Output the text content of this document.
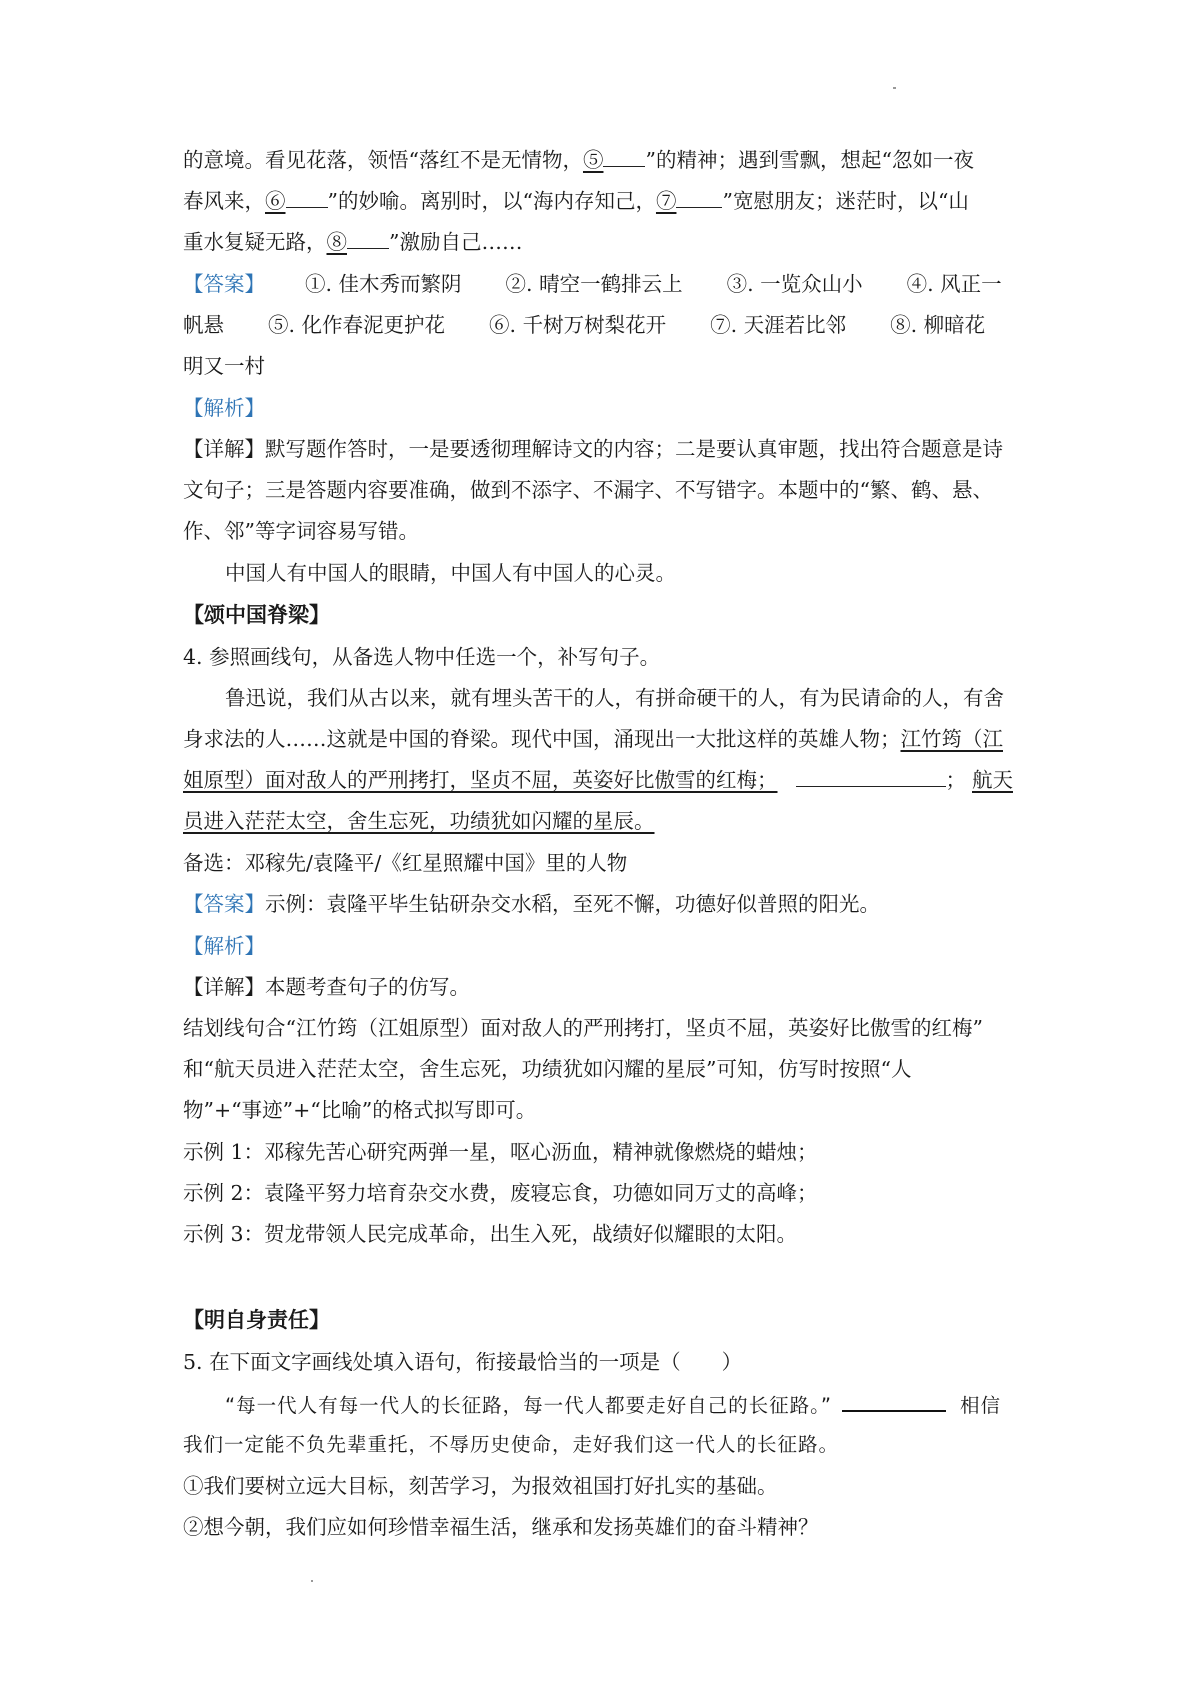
的意境。看见花落，领悟“落红不是无情物，⑤ ”的精神；遇到雪飘，想起“忽如一夜
春风来，⑥ ”的妙喻。离别时，以“海内存知己，⑦ ”宽慰朋友；迷茫时，以“山
重水复疑无路，⑧ ”激励自己……
【答案】 ①. 佳木秀而繁阴 ②. 晴空一鹤排云上 ③. 一览众山小 ④. 风正一
帆悬 ⑤. 化作春泥更护花 ⑥. 千树万树梨花开 ⑦. 天涯若比邻 ⑧. 柳暗花
明又一村
【解析】
【详解】默写题作答时，一是要透彻理解诗文的内容；二是要认真审题，找出符合题意是诗
文句子；三是答题内容要准确，做到不添字、不漏字、不写错字。本题中的“繁、鹤、悬、
作、邻”等字词容易写错。
中国人有中国人的眼睛，中国人有中国人的心灵。
【颂中国脊梁】
4. 参照画线句，从备选人物中任选一个，补写句子。
鲁迅说，我们从古以来，就有埋头苦干的人，有拼命硬干的人，有为民请命的人，有舍
身求法的人……这就是中国的脊梁。现代中国，涌现出一大批这样的英雄人物；江竹筠（江
姐原型）面对敌人的严刑拷打，坚贞不屈，英姿好比傲雪的红梅；	； 航天
员进入茫茫太空，舍生忘死，功绩犹如闪耀的星辰。
备选：邓稼先/袁隆平/《红星照耀中国》里的人物
【答案】示例：袁隆平毕生钻研杂交水稻，至死不懈，功德好似普照的阳光。
【解析】
【详解】本题考查句子的仿写。
结划线句合“江竹筠（江姐原型）面对敌人的严刑拷打，坚贞不屈，英姿好比傲雪的红梅”
和“航天员进入茫茫太空，舍生忘死，功绩犹如闪耀的星辰”可知，仿写时按照“人
物”+“事迹”+“比喻”的格式拟写即可。
示例 1：邓稼先苦心研究两弹一星，呕心沥血，精神就像燃烧的蜡烛；
示例 2：袁隆平努力培育杂交水费，废寝忘食，功德如同万丈的高峰；
示例 3：贺龙带领人民完成革命，出生入死，战绩好似耀眼的太阳。
【明自身责任】
5. 在下面文字画线处填入语句，衔接最恰当的一项是（　　）
“每一代人有每一代人的长征路，每一代人都要走好自己的长征路。”	相信
我们一定能不负先辈重托，不辱历史使命，走好我们这一代人的长征路。
①我们要树立远大目标，刻苦学习，为报效祖国打好扎实的基础。
②想今朝，我们应如何珍惜幸福生活，继承和发扬英雄们的奋斗精神？
